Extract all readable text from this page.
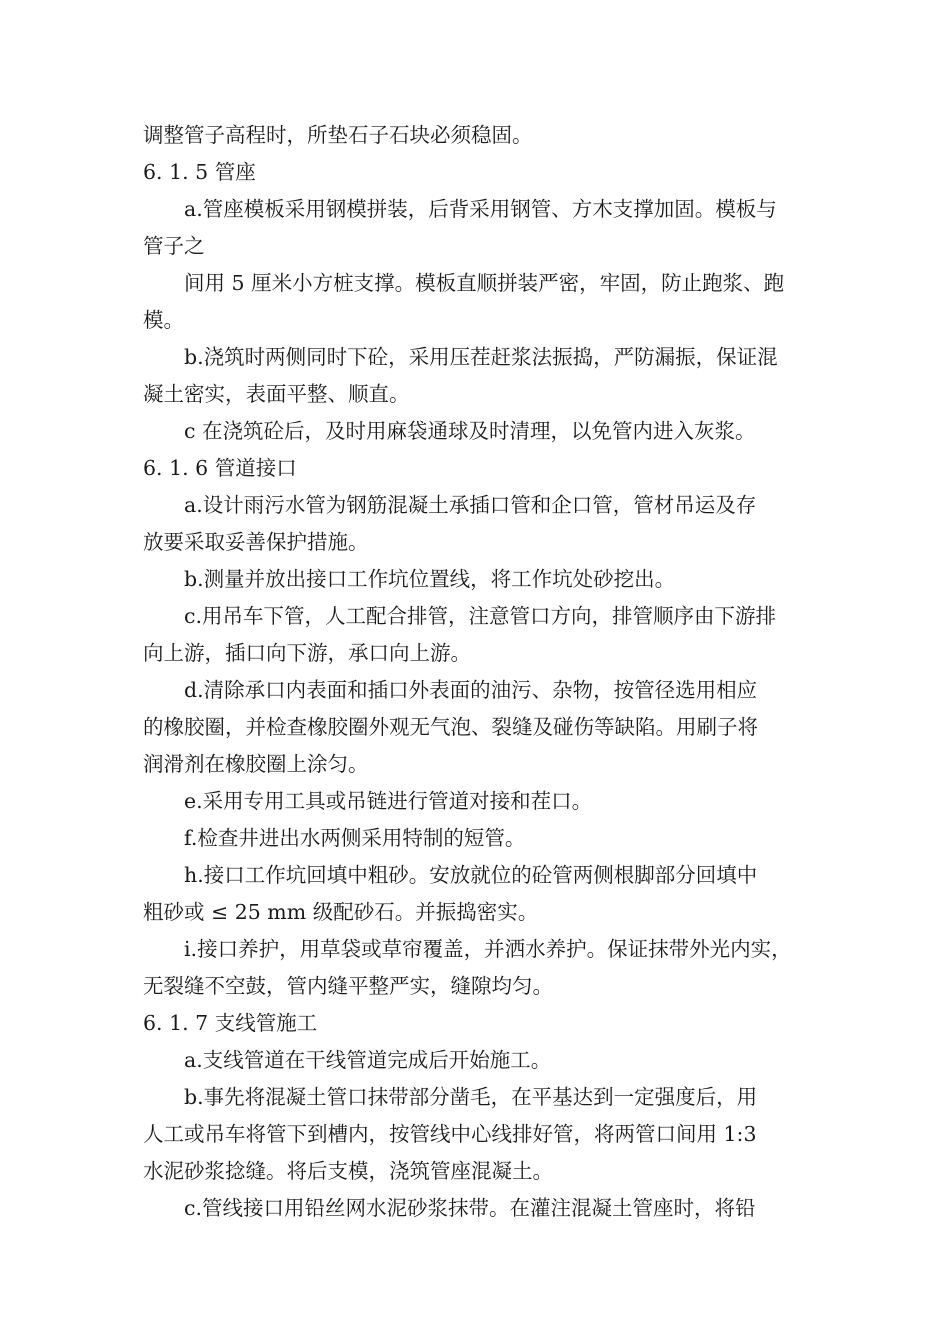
调整管子高程时，所垫石子石块必须稳固。
6. 1. 5 管座
a.管座模板采用钢模拼装，后背采用钢管、方木支撑加固。模板与
管子之
间用 5 厘米小方桩支撑。模板直顺拼装严密，牢固，防止跑浆、跑
模。
b.浇筑时两侧同时下砼，采用压茬赶浆法振捣，严防漏振，保证混
凝土密实，表面平整、顺直。
c 在浇筑砼后，及时用麻袋通球及时清理，以免管内进入灰浆。
6. 1. 6 管道接口
a.设计雨污水管为钢筋混凝土承插口管和企口管，管材吊运及存
放要采取妥善保护措施。
b.测量并放出接口工作坑位置线，将工作坑处砂挖出。
c.用吊车下管，人工配合排管，注意管口方向，排管顺序由下游排
向上游，插口向下游，承口向上游。
d.清除承口内表面和插口外表面的油污、杂物，按管径选用相应
的橡胶圈，并检查橡胶圈外观无气泡、裂缝及碰伤等缺陷。用刷子将
润滑剂在橡胶圈上涂匀。
e.采用专用工具或吊链进行管道对接和茬口。
f.检查井进出水两侧采用特制的短管。
h.接口工作坑回填中粗砂。安放就位的砼管两侧根脚部分回填中
粗砂或 ≤ 25 mm 级配砂石。并振捣密实。
i.接口养护，用草袋或草帘覆盖，并洒水养护。保证抹带外光内实，
无裂缝不空鼓，管内缝平整严实，缝隙均匀。
6. 1. 7 支线管施工
a.支线管道在干线管道完成后开始施工。
b.事先将混凝土管口抹带部分凿毛，在平基达到一定强度后，用
人工或吊车将管下到槽内，按管线中心线排好管，将两管口间用 1:3
水泥砂浆捻缝。将后支模，浇筑管座混凝土。
c.管线接口用铅丝网水泥砂浆抹带。在灌注混凝土管座时，将铅
